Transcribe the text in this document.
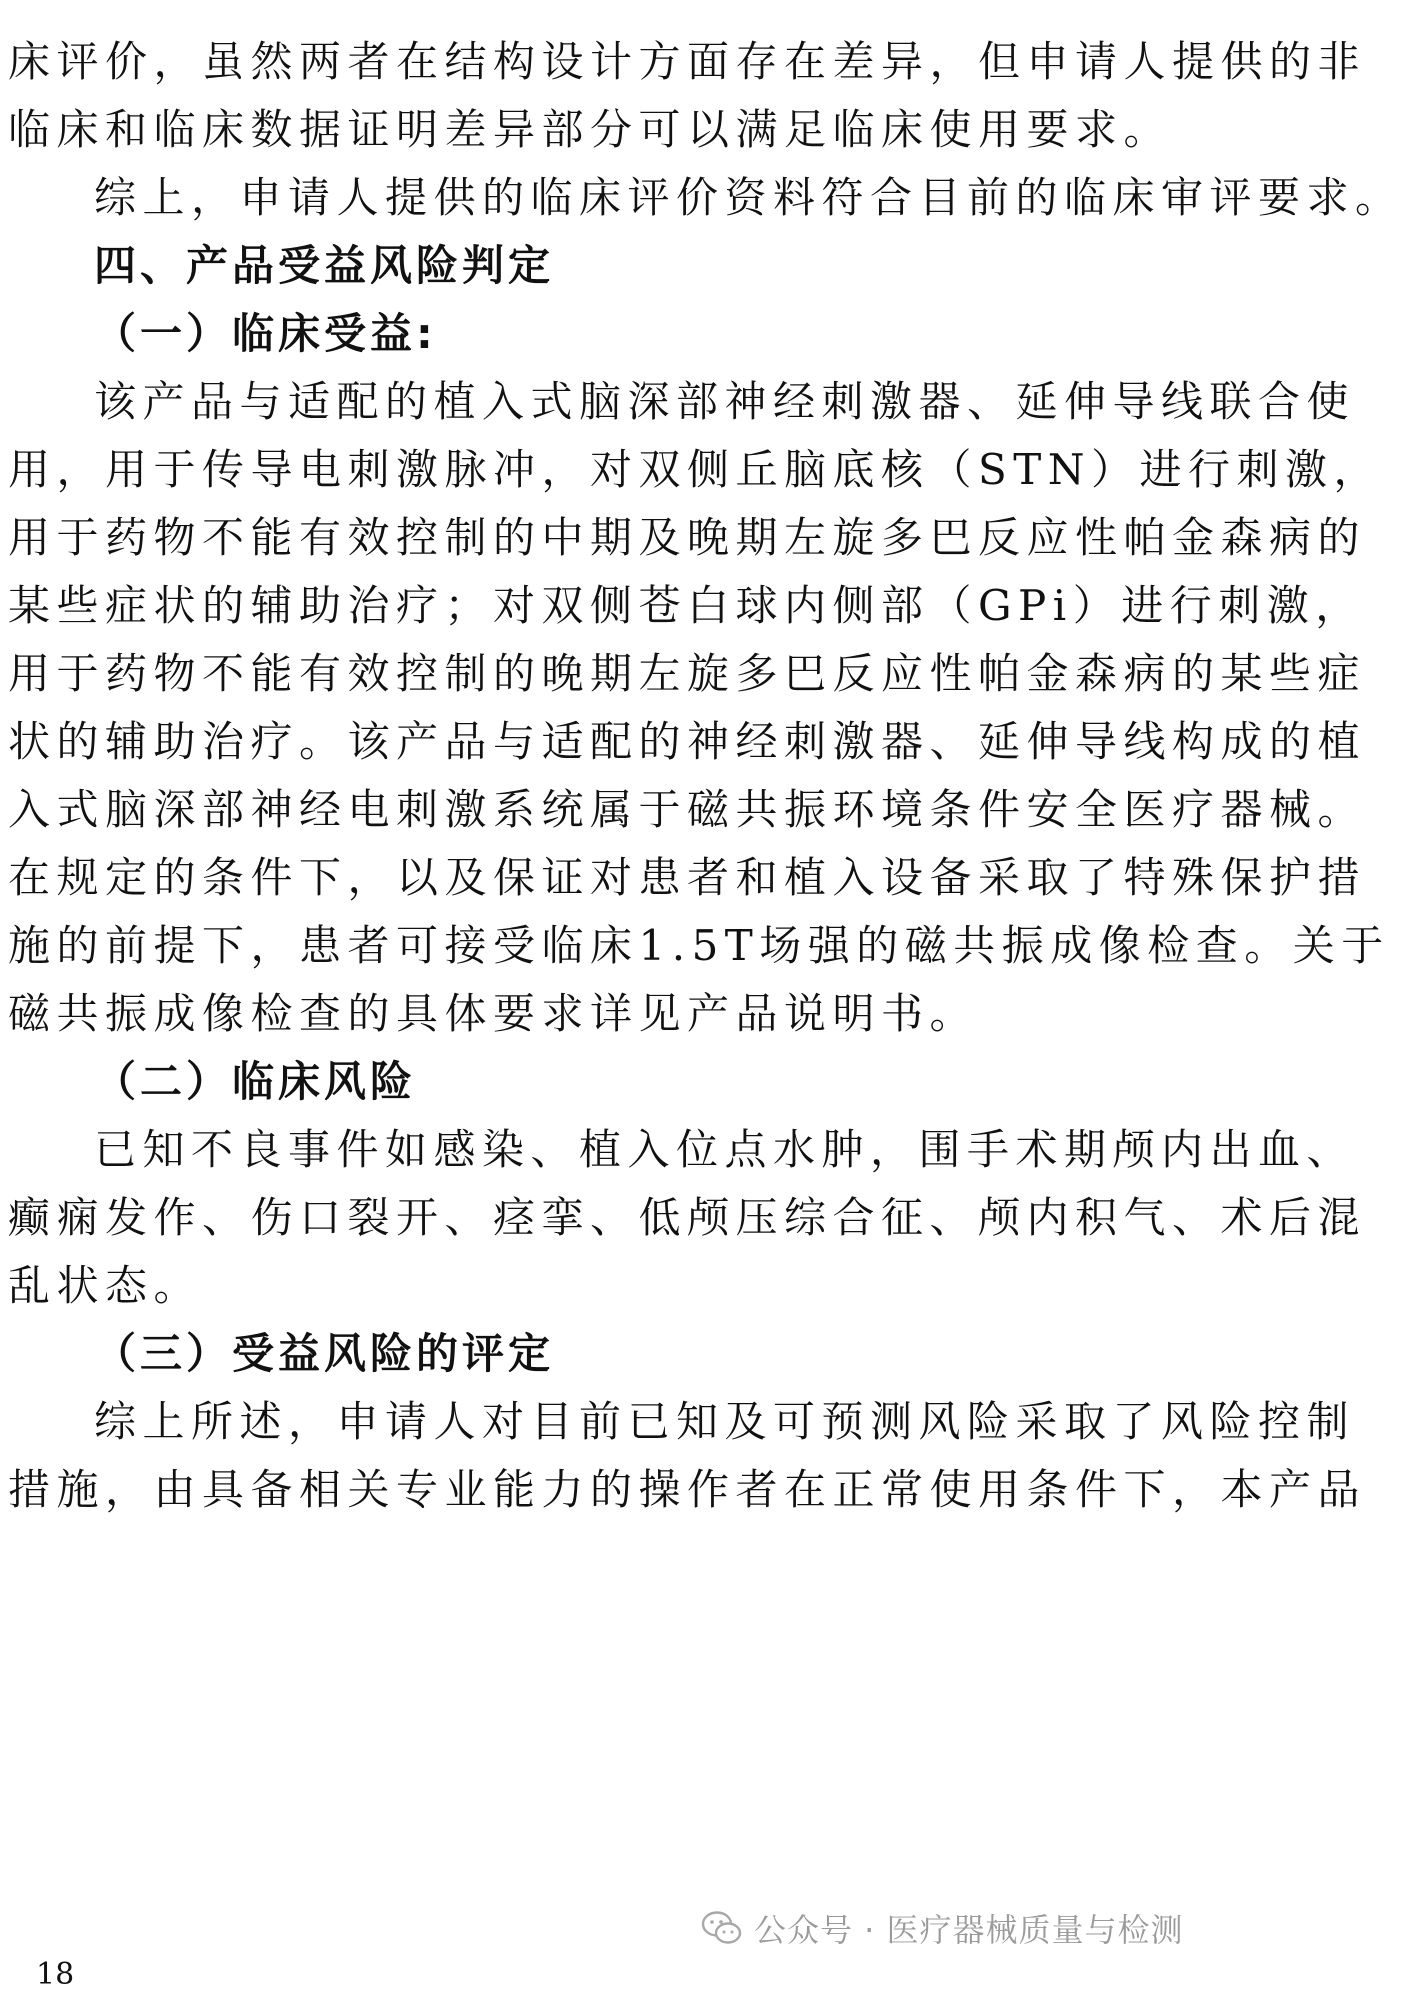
床评价，虽然两者在结构设计方面存在差异，但申请人提供的非
临床和临床数据证明差异部分可以满足临床使用要求。
综上，申请人提供的临床评价资料符合目前的临床审评要求。
四、产品受益风险判定
（一）临床受益:
该产品与适配的植入式脑深部神经刺激器、延伸导线联合使
用，用于传导电刺激脉冲，对双侧丘脑底核（STN）进行刺激，
用于药物不能有效控制的中期及晚期左旋多巴反应性帕金森病的
某些症状的辅助治疗；对双侧苍白球内侧部（GPi）进行刺激，
用于药物不能有效控制的晚期左旋多巴反应性帕金森病的某些症
状的辅助治疗。该产品与适配的神经刺激器、延伸导线构成的植
入式脑深部神经电刺激系统属于磁共振环境条件安全医疗器械。
在规定的条件下，以及保证对患者和植入设备采取了特殊保护措
施的前提下，患者可接受临床1.5T场强的磁共振成像检查。关于
磁共振成像检查的具体要求详见产品说明书。
（二）临床风险
已知不良事件如感染、植入位点水肿，围手术期颅内出血、
癫痫发作、伤口裂开、痉挛、低颅压综合征、颅内积气、术后混
乱状态。
（三）受益风险的评定
综上所述，申请人对目前已知及可预测风险采取了风险控制
措施，由具备相关专业能力的操作者在正常使用条件下，本产品
公众号 · 医疗器械质量与检测
18
